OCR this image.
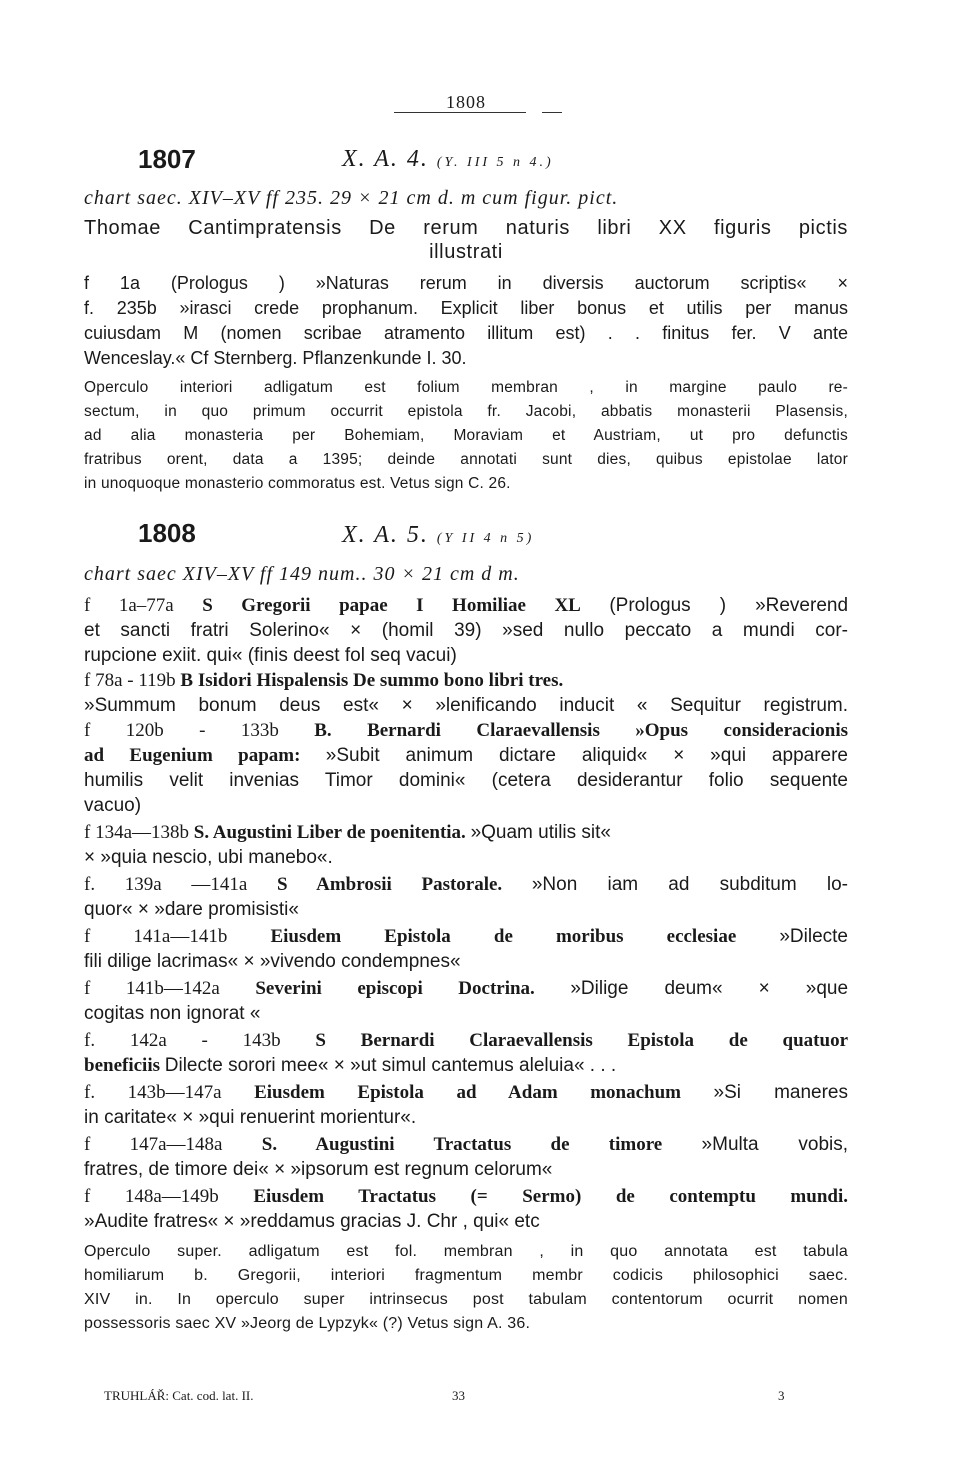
1808
1807	X. A. 4. (Y. III 5 n 4.)
chart saec. XIV–XV ff 235. 29 × 21 cm d. m cum figur. pict.
Thomae Cantimpratensis De rerum naturis libri XX figuris pictis
illustrati
f 1a (Prologus ) »Naturas rerum in diversis auctorum scriptis« ×
f. 235b »irasci crede prophanum. Explicit liber bonus et utilis per manus
cuiusdam M (nomen scribae atramento illitum est) . . finitus fer. V ante
Wenceslay.« Cf Sternberg. Pflanzenkunde I. 30.
Operculo interiori adligatum est folium membran , in margine paulo re-
sectum, in quo primum occurrit epistola fr. Jacobi, abbatis monasterii Plasensis,
ad alia monasteria per Bohemiam, Moraviam et Austriam, ut pro defunctis
fratribus orent, data a 1395; deinde annotati sunt dies, quibus epistolae lator
in unoquoque monasterio commoratus est. Vetus sign C. 26.
1808	X. A. 5. (Y II 4 n 5)
chart saec XIV–XV ff 149 num.. 30 × 21 cm d m.
f 1a–77a S Gregorii papae I Homiliae XL (Prologus ) »Reverend
et sancti fratri Solerino« × (homil 39) »sed nullo peccato a mundi cor-
rupcione exiit. qui« (finis deest fol seq vacui)
f 78a - 119b B Isidori Hispalensis De summo bono libri tres.
»Summum bonum deus est« × »lenificando inducit « Sequitur registrum.
f 120b - 133b B. Bernardi Claraevallensis »Opus consideracionis
ad Eugenium papam: »Subit animum dictare aliquid« × »qui apparere
humilis velit invenias Timor domini« (cetera desiderantur folio sequente
vacuo)
f 134a—138b S. Augustini Liber de poenitentia. »Quam utilis sit«
× »quia nescio, ubi manebo«.
f. 139a —141a S Ambrosii Pastorale. »Non iam ad subditum lo-
quor« × »dare promisisti«
f 141a—141b Eiusdem Epistola de moribus ecclesiae »Dilecte
fili dilige lacrimas« × »vivendo condempnes«
f 141b—142a Severini episcopi Doctrina. »Dilige deum« × »que
cogitas non ignorat «
f. 142a - 143b S Bernardi Claraevallensis Epistola de quatuor
beneficiis Dilecte sorori mee« × »ut simul cantemus aleluia« . . .
f. 143b—147a Eiusdem Epistola ad Adam monachum »Si maneres
in caritate« × »qui renuerint morientur«.
f 147a—148a S. Augustini Tractatus de timore »Multa vobis,
fratres, de timore dei« × »ipsorum est regnum celorum«
f 148a—149b Eiusdem Tractatus (= Sermo) de contemptu mundi.
»Audite fratres« × »reddamus gracias J. Chr , qui« etc
Operculo super. adligatum est fol. membran , in quo annotata est tabula
homiliarum b. Gregorii, interiori fragmentum membr codicis philosophici saec.
XIV in. In operculo super intrinsecus post tabulam contentorum ocurrit nomen
possessoris saec XV »Jeorg de Lypzyk« (?) Vetus sign A. 36.
TRUHLÁŘ: Cat. cod. lat. II.	33	3
